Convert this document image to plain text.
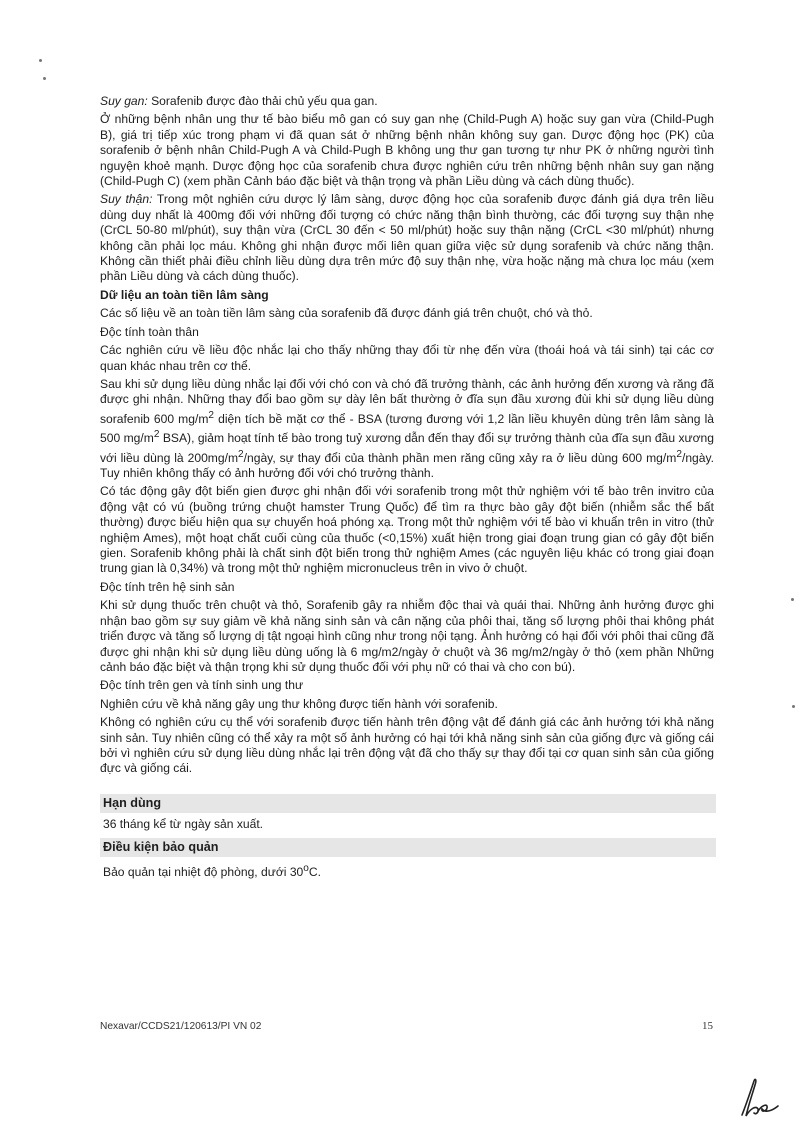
Suy gan: Sorafenib được đào thải chủ yếu qua gan.

Ở những bệnh nhân ung thư tế bào biểu mô gan có suy gan nhẹ (Child-Pugh A) hoặc suy gan vừa (Child-Pugh B), giá trị tiếp xúc trong phạm vi đã quan sát ở những bệnh nhân không suy gan. Dược động học (PK) của sorafenib ở bệnh nhân Child-Pugh A và Child-Pugh B không ung thư gan tương tự như PK ở những người tình nguyện khoẻ mạnh. Dược động học của sorafenib chưa được nghiên cứu trên những bệnh nhân suy gan nặng (Child-Pugh C) (xem phần Cảnh báo đặc biệt và thận trọng và phần Liều dùng và cách dùng thuốc).

Suy thận: Trong một nghiên cứu dược lý lâm sàng, dược động học của sorafenib được đánh giá dựa trên liều dùng duy nhất là 400mg đối với những đối tượng có chức năng thận bình thường, các đối tượng suy thận nhẹ (CrCL 50-80 ml/phút), suy thận vừa (CrCL 30 đến < 50 ml/phút) hoặc suy thận nặng (CrCL <30 ml/phút) nhưng không cần phải lọc máu. Không ghi nhận được mối liên quan giữa việc sử dụng sorafenib và chức năng thận. Không cần thiết phải điều chỉnh liều dùng dựa trên mức độ suy thận nhẹ, vừa hoặc nặng mà chưa lọc máu (xem phần Liều dùng và cách dùng thuốc).

Dữ liệu an toàn tiền lâm sàng

Các số liệu về an toàn tiền lâm sàng của sorafenib đã được đánh giá trên chuột, chó và thỏ.

Độc tính toàn thân

Các nghiên cứu về liều độc nhắc lại cho thấy những thay đổi từ nhẹ đến vừa (thoái hoá và tái sinh) tại các cơ quan khác nhau trên cơ thể.

Sau khi sử dụng liều dùng nhắc lại đối với chó con và chó đã trưởng thành, các ảnh hưởng đến xương và răng đã được ghi nhận. Những thay đổi bao gồm sự dày lên bất thường ở đĩa sụn đầu xương đùi khi sử dụng liều dùng sorafenib 600 $mg/m^2$ diện tích bề mặt cơ thể - BSA (tương đương với 1,2 lần liều khuyên dùng trên lâm sàng là 500 $mg/m^2$ BSA), giảm hoạt tính tế bào trong tuỷ xương dẫn đến thay đổi sự trưởng thành của đĩa sụn đầu xương với liều dùng là $200mg/m^2$/ngày, sự thay đổi của thành phần men răng cũng xảy ra ở liều dùng 600 $mg/m^2$/ngày. Tuy nhiên không thấy có ảnh hưởng đối với chó trưởng thành.

Có tác động gây đột biến gien được ghi nhận đối với sorafenib trong một thử nghiệm với tế bào trên invitro của động vật có vú (buồng trứng chuột hamster Trung Quốc) để tìm ra thực bào gây đột biến (nhiễm sắc thể bất thường) được biểu hiện qua sự chuyển hoá phóng xạ. Trong một thử nghiệm với tế bào vi khuẩn trên in vitro (thử nghiệm Ames), một hoạt chất cuối cùng của thuốc (<0,15%) xuất hiện trong giai đoạn trung gian có gây đột biến gien. Sorafenib không phải là chất sinh đột biến trong thử nghiệm Ames (các nguyên liệu khác có trong giai đoạn trung gian là 0,34%) và trong một thử nghiệm micronucleus trên in vivo ở chuột.

Độc tính trên hệ sinh sản

Khi sử dụng thuốc trên chuột và thỏ, Sorafenib gây ra nhiễm độc thai và quái thai. Những ảnh hưởng được ghi nhận bao gồm sự suy giảm về khả năng sinh sản và cân nặng của phôi thai, tăng số lượng phôi thai không phát triển được và tăng số lượng dị tật ngoại hình cũng như trong nội tạng. Ảnh hưởng có hại đối với phôi thai cũng đã được ghi nhận khi sử dụng liều dùng uống là 6 mg/m2/ngày ở chuột và 36 mg/m2/ngày ở thỏ (xem phần Những cảnh báo đặc biệt và thận trọng khi sử dụng thuốc đối với phụ nữ có thai và cho con bú).

Độc tính trên gen và tính sinh ung thư

Nghiên cứu về khả năng gây ung thư không được tiến hành với sorafenib.

Không có nghiên cứu cụ thể với sorafenib được tiến hành trên động vật để đánh giá các ảnh hưởng tới khả năng sinh sản. Tuy nhiên cũng có thể xảy ra một số ảnh hưởng có hại tới khả năng sinh sản của giống đực và giống cái bởi vì nghiên cứu sử dụng liều dùng nhắc lại trên động vật đã cho thấy sự thay đổi tại cơ quan sinh sản của giống đực và giống cái.

Hạn dùng
36 tháng kể từ ngày sản xuất.
Điều kiện bảo quản
Bảo quản tại nhiệt độ phòng, dưới 30$^o$C.
Nexavar/CCDS21/120613/PI VN 02	15
